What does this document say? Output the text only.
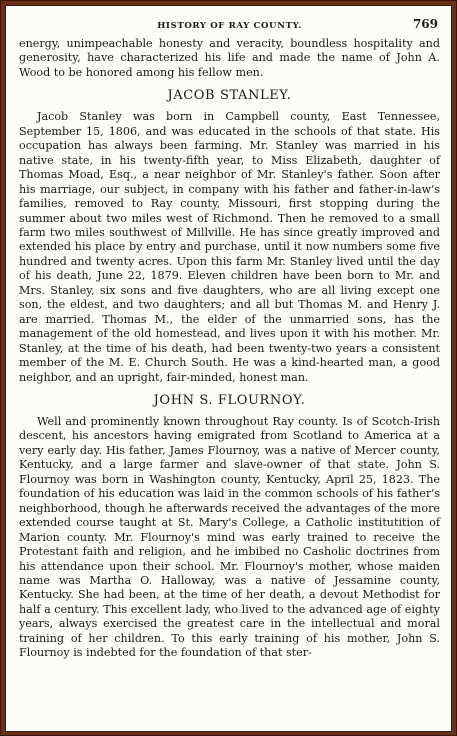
HISTORY OF RAY COUNTY.	769

energy, unimpeachable honesty and veracity, boundless hospitality and generosity, have characterized his life and made the name of John A. Wood to be honored among his fellow men.

JACOB STANLEY.

Jacob Stanley was born in Campbell county, East Tennessee, September 15, 1806, and was educated in the schools of that state. His occupation has always been farming. Mr. Stanley was married in his native state, in his twenty-fifth year, to Miss Elizabeth, daughter of Thomas Moad, Esq., a near neighbor of Mr. Stanley's father. Soon after his marriage, our subject, in company with his father and father-in-law's families, removed to Ray county, Missouri, first stopping during the summer about two miles west of Richmond. Then he removed to a small farm two miles southwest of Millville. He has since greatly improved and extended his place by entry and purchase, until it now numbers some five hundred and twenty acres. Upon this farm Mr. Stanley lived until the day of his death, June 22, 1879. Eleven children have been born to Mr. and Mrs. Stanley, six sons and five daughters, who are all living except one son, the eldest, and two daughters; and all but Thomas M. and Henry J. are married. Thomas M., the elder of the unmarried sons, has the management of the old homestead, and lives upon it with his mother. Mr. Stanley, at the time of his death, had been twenty-two years a consistent member of the M. E. Church South. He was a kind-hearted man, a good neighbor, and an upright, fair-minded, honest man.

JOHN S. FLOURNOY.

Well and prominently known throughout Ray county. Is of Scotch-Irish descent, his ancestors having emigrated from Scotland to America at a very early day. His father, James Flournoy, was a native of Mercer county, Kentucky, and a large farmer and slave-owner of that state. John S. Flournoy was born in Washington county, Kentucky, April 25, 1823. The foundation of his education was laid in the common schools of his father's neighborhood, though he afterwards received the advantages of the more extended course taught at St. Mary's College, a Catholic institutition of Marion county. Mr. Flournoy's mind was early trained to receive the Protestant faith and religion, and he imbibed no Casholic doctrines from his attendance upon their school. Mr. Flournoy's mother, whose maiden name was Martha O. Halloway, was a native of Jessamine county, Kentucky. She had been, at the time of her death, a devout Methodist for half a century. This excellent lady, who lived to the advanced age of eighty years, always exercised the greatest care in the intellectual and moral training of her children. To this early training of his mother, John S. Flournoy is indebted for the foundation of that ster-
